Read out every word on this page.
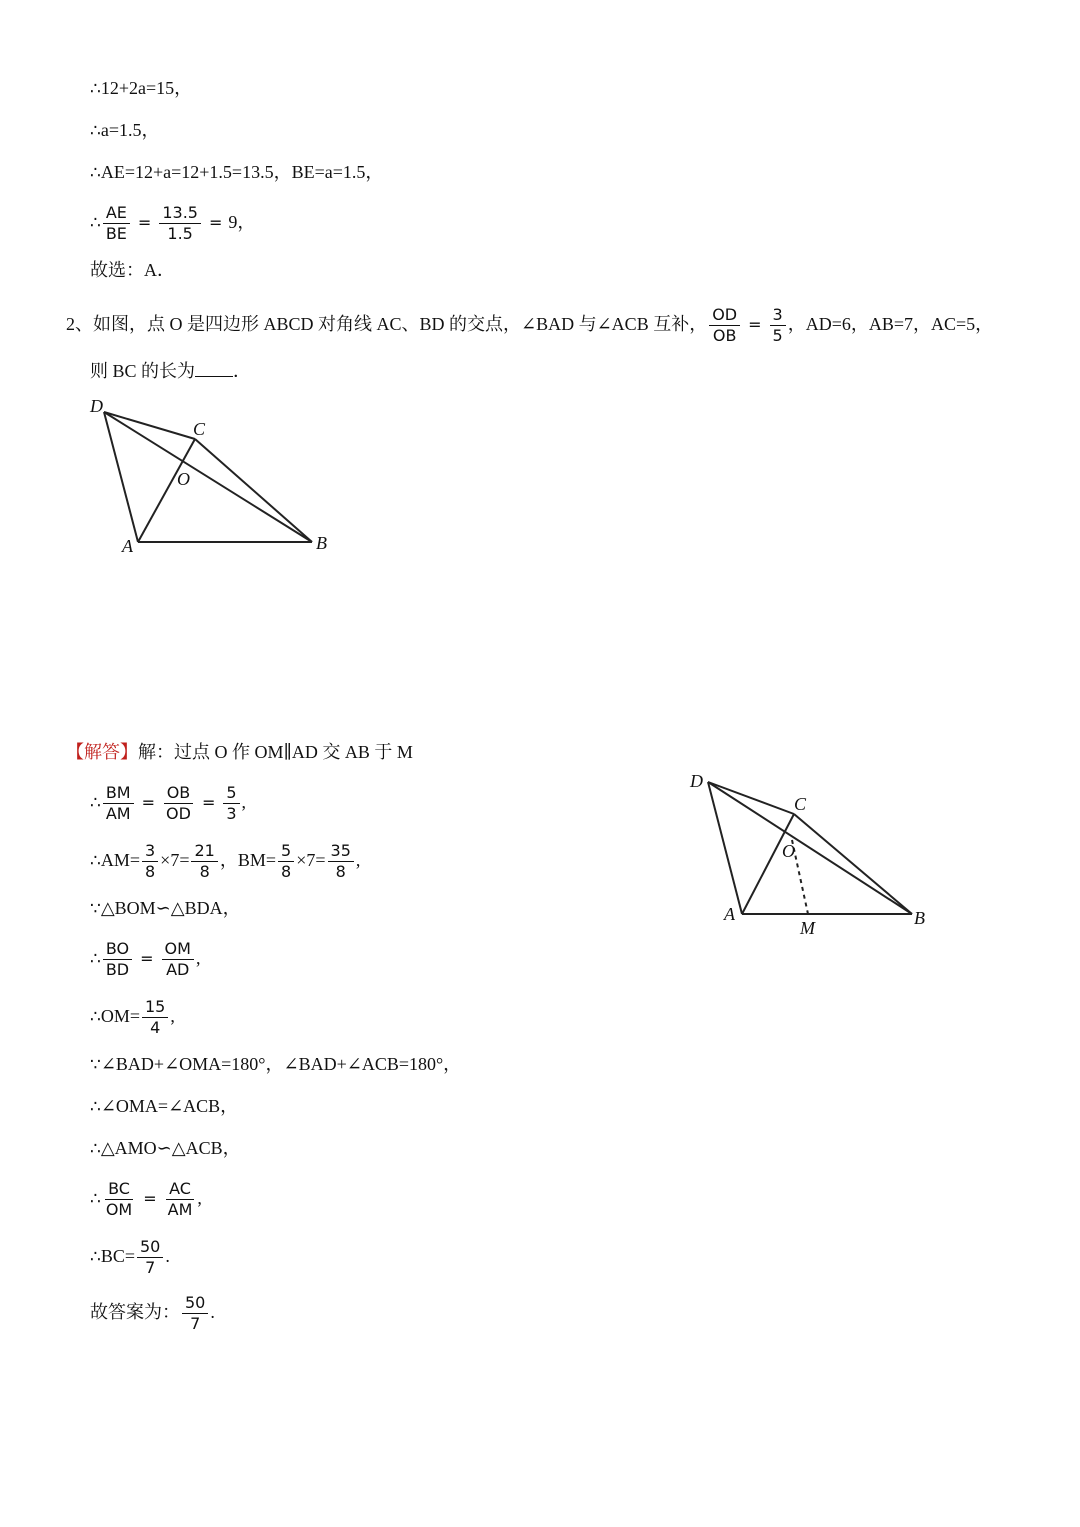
∴12+2a=15，
∴a=1.5，
∴AE=12+a=12+1.5=13.5，BE=a=1.5，
∴ $\frac{AE}{BE} = \frac{13.5}{1.5} = 9$，
故选：A．
2、如图，点 O 是四边形 ABCD 对角线 AC、BD 的交点，∠BAD 与∠ACB 互补， $\frac{OD}{OB} = \frac{3}{5}$ ，AD=6，AB=7，AC=5，
则 BC 的长为 ．
D
C
O
A	B
【解答】解：过点 O 作 OM∥AD 交 AB 于 M
∴ $\frac{BM}{AM} = \frac{OB}{OD} = \frac{5}{3}$ ,
∴AM= $\frac{3}{8} \times 7= \frac{21}{8}$ ，$BM= \frac{5}{8} \times 7= \frac{35}{8}$ ,
∵△BOM∽△BDA，
∴ $\frac{BO}{BD} = \frac{OM}{AD}$ ,
∴OM= $\frac{15}{4}$ ,
∵∠BAD+∠OMA=180°，∠BAD+∠ACB=180°，
∴∠OMA=∠ACB，
∴△AMO∽△ACB，
∴ $\frac{BC}{OM} = \frac{AC}{AM}$ ,
∴BC= $\frac{50}{7}$ .
故答案为： $\frac{50}{7}$ .
D
C
O
A	B
M
